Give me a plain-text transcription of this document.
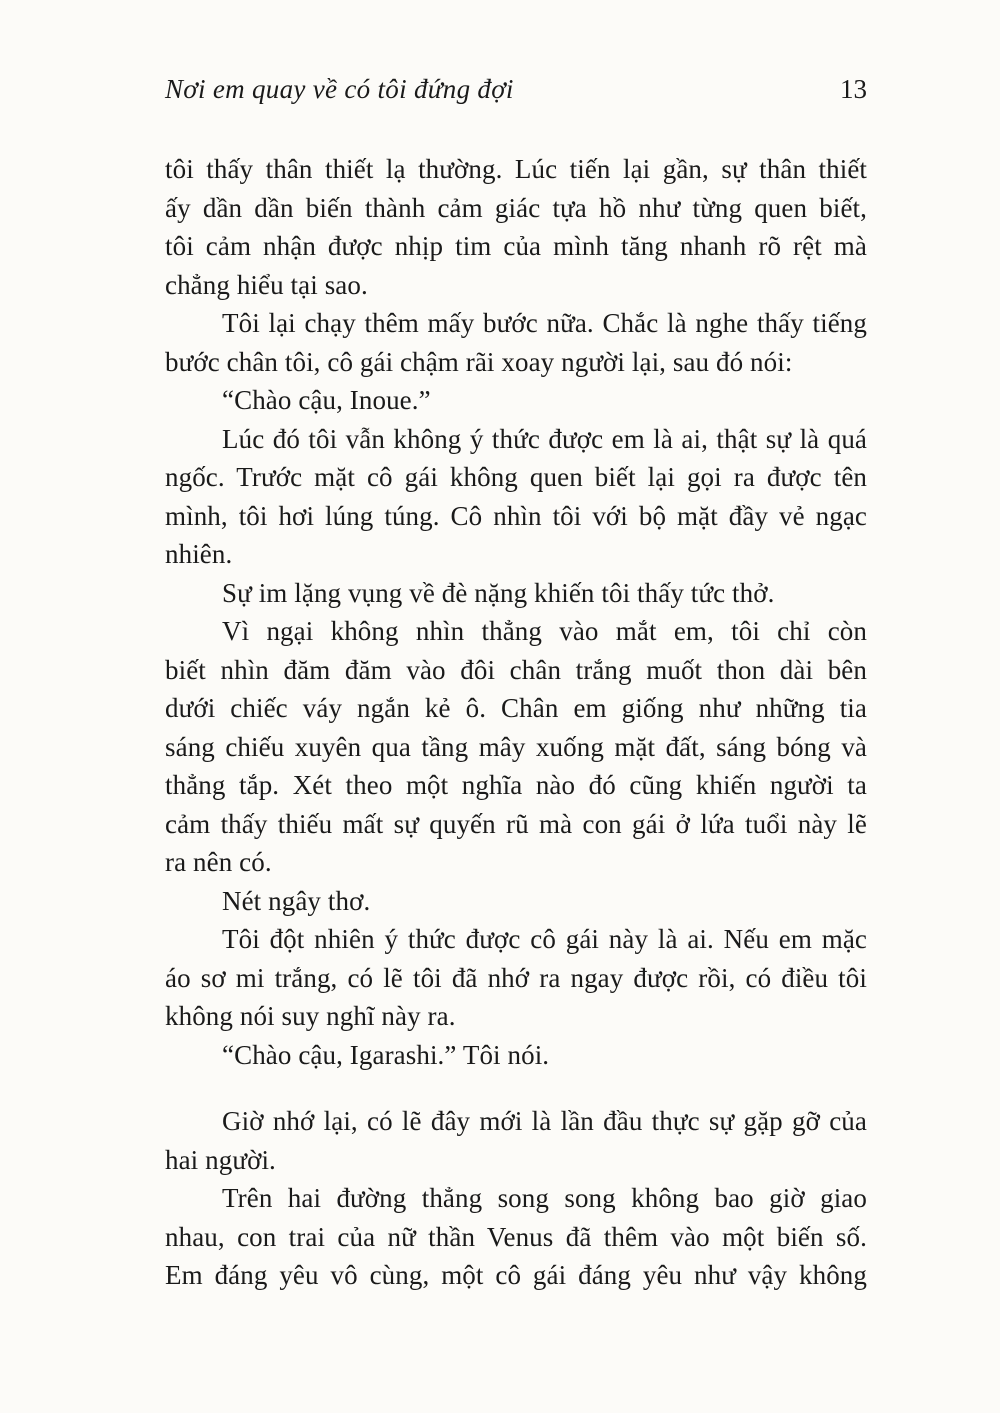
Nơi em quay về có tôi đứng đợi	13
tôi thấy thân thiết lạ thường. Lúc tiến lại gần, sự thân thiết
ấy dần dần biến thành cảm giác tựa hồ như từng quen biết,
tôi cảm nhận được nhịp tim của mình tăng nhanh rõ rệt mà
chẳng hiểu tại sao.
Tôi lại chạy thêm mấy bước nữa. Chắc là nghe thấy tiếng
bước chân tôi, cô gái chậm rãi xoay người lại, sau đó nói:
“Chào cậu, Inoue.”
Lúc đó tôi vẫn không ý thức được em là ai, thật sự là quá
ngốc. Trước mặt cô gái không quen biết lại gọi ra được tên
mình, tôi hơi lúng túng. Cô nhìn tôi với bộ mặt đầy vẻ ngạc
nhiên.
Sự im lặng vụng về đè nặng khiến tôi thấy tức thở.
Vì ngại không nhìn thẳng vào mắt em, tôi chỉ còn
biết nhìn đăm đăm vào đôi chân trắng muốt thon dài bên
dưới chiếc váy ngắn kẻ ô. Chân em giống như những tia
sáng chiếu xuyên qua tầng mây xuống mặt đất, sáng bóng và
thẳng tắp. Xét theo một nghĩa nào đó cũng khiến người ta
cảm thấy thiếu mất sự quyến rũ mà con gái ở lứa tuổi này lẽ
ra nên có.
Nét ngây thơ.
Tôi đột nhiên ý thức được cô gái này là ai. Nếu em mặc
áo sơ mi trắng, có lẽ tôi đã nhớ ra ngay được rồi, có điều tôi
không nói suy nghĩ này ra.
“Chào cậu, Igarashi.” Tôi nói.
Giờ nhớ lại, có lẽ đây mới là lần đầu thực sự gặp gỡ của
hai người.
Trên hai đường thẳng song song không bao giờ giao
nhau, con trai của nữ thần Venus đã thêm vào một biến số.
Em đáng yêu vô cùng, một cô gái đáng yêu như vậy không
